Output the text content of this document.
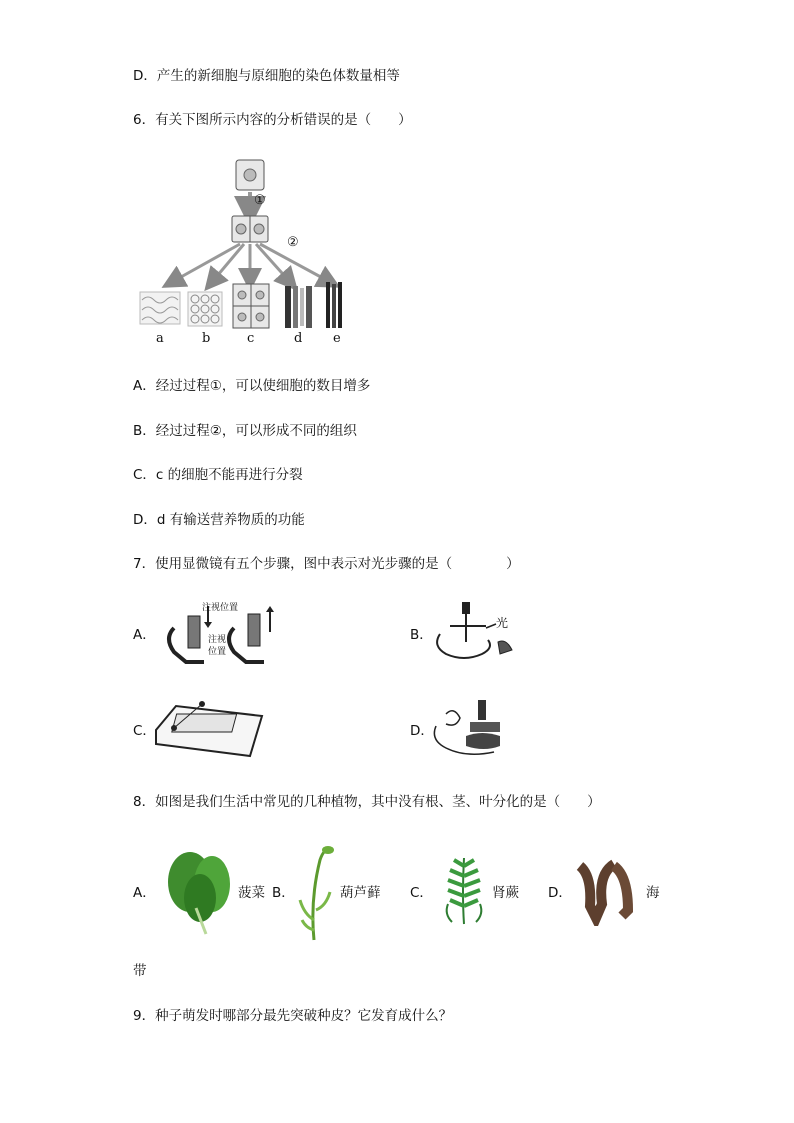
D．产生的新细胞与原细胞的染色体数量相等
6．有关下图所示内容的分析错误的是（　　）
①
②
a	b	c	d e
A．经过过程①，可以使细胞的数目增多
B．经过过程②，可以形成不同的组织
C．c 的细胞不能再进行分裂
D．d 有输送营养物质的功能
7．使用显微镜有五个步骤，图中表示对光步骤的是（　　　　）
A．
注视位置
注视
位置
B．
光
C．	D．
8．如图是我们生活中常见的几种植物，其中没有根、茎、叶分化的是（　　）
A．	菠菜 B．	葫芦藓 C．	肾蕨 D．	海
带
9．种子萌发时哪部分最先突破种皮？它发育成什么？
